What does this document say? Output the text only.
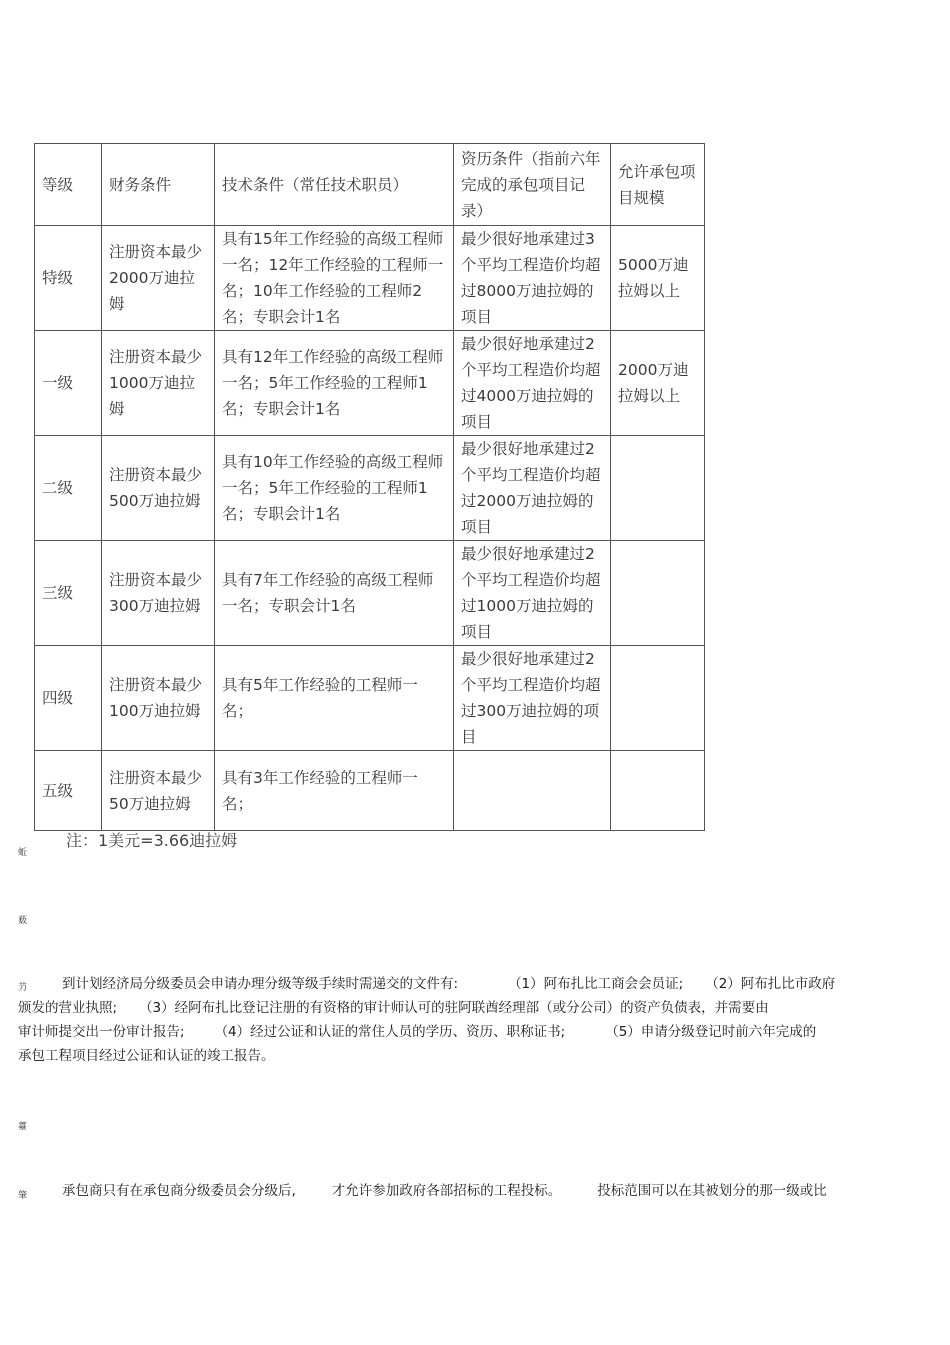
等级	财务条件	技术条件（常任技术职员）	资历条件（指前六年完成的承包项目记录）	允许承包项目规模
特级	注册资本最少2000万迪拉姆	具有15年工作经验的高级工程师一名；12年工作经验的工程师一名；10年工作经验的工程师2名；专职会计1名	最少很好地承建过3个平均工程造价均超过8000万迪拉姆的项目	5000万迪拉姆以上
一级	注册资本最少1000万迪拉姆	具有12年工作经验的高级工程师一名；5年工作经验的工程师1名；专职会计1名	最少很好地承建过2个平均工程造价均超过4000万迪拉姆的项目	2000万迪拉姆以上
二级	注册资本最少500万迪拉姆	具有10年工作经验的高级工程师一名；5年工作经验的工程师1名；专职会计1名	最少很好地承建过2个平均工程造价均超过2000万迪拉姆的项目	
三级	注册资本最少300万迪拉姆	具有7年工作经验的高级工程师一名；专职会计1名	最少很好地承建过2个平均工程造价均超过1000万迪拉姆的项目	
四级	注册资本最少100万迪拉姆	具有5年工作经验的工程师一名；	最少很好地承建过2个平均工程造价均超过300万迪拉姆的项目	
五级	注册资本最少50万迪拉姆	具有3年工作经验的工程师一名；		
注：1美元=3.66迪拉姆
蚯
薮
芀
薹
肇
到计划经济局分级委员会申请办理分级等级手续时需递交的文件有:	（1）阿布扎比工商会会员证; （2）阿布扎比市政府
颁发的营业执照; （3）经阿布扎比登记注册的有资格的审计师认可的驻阿联酋经理部（或分公司）的资产负债表，并需要由
审计师提交出一份审计报告; （4）经过公证和认证的常住人员的学历、资历、职称证书;	（5）申请分级登记时前六年完成的
承包工程项目经过公证和认证的竣工报告。
承包商只有在承包商分级委员会分级后,	才允许参加政府各部招标的工程投标。	投标范围可以在其被划分的那一级或比
